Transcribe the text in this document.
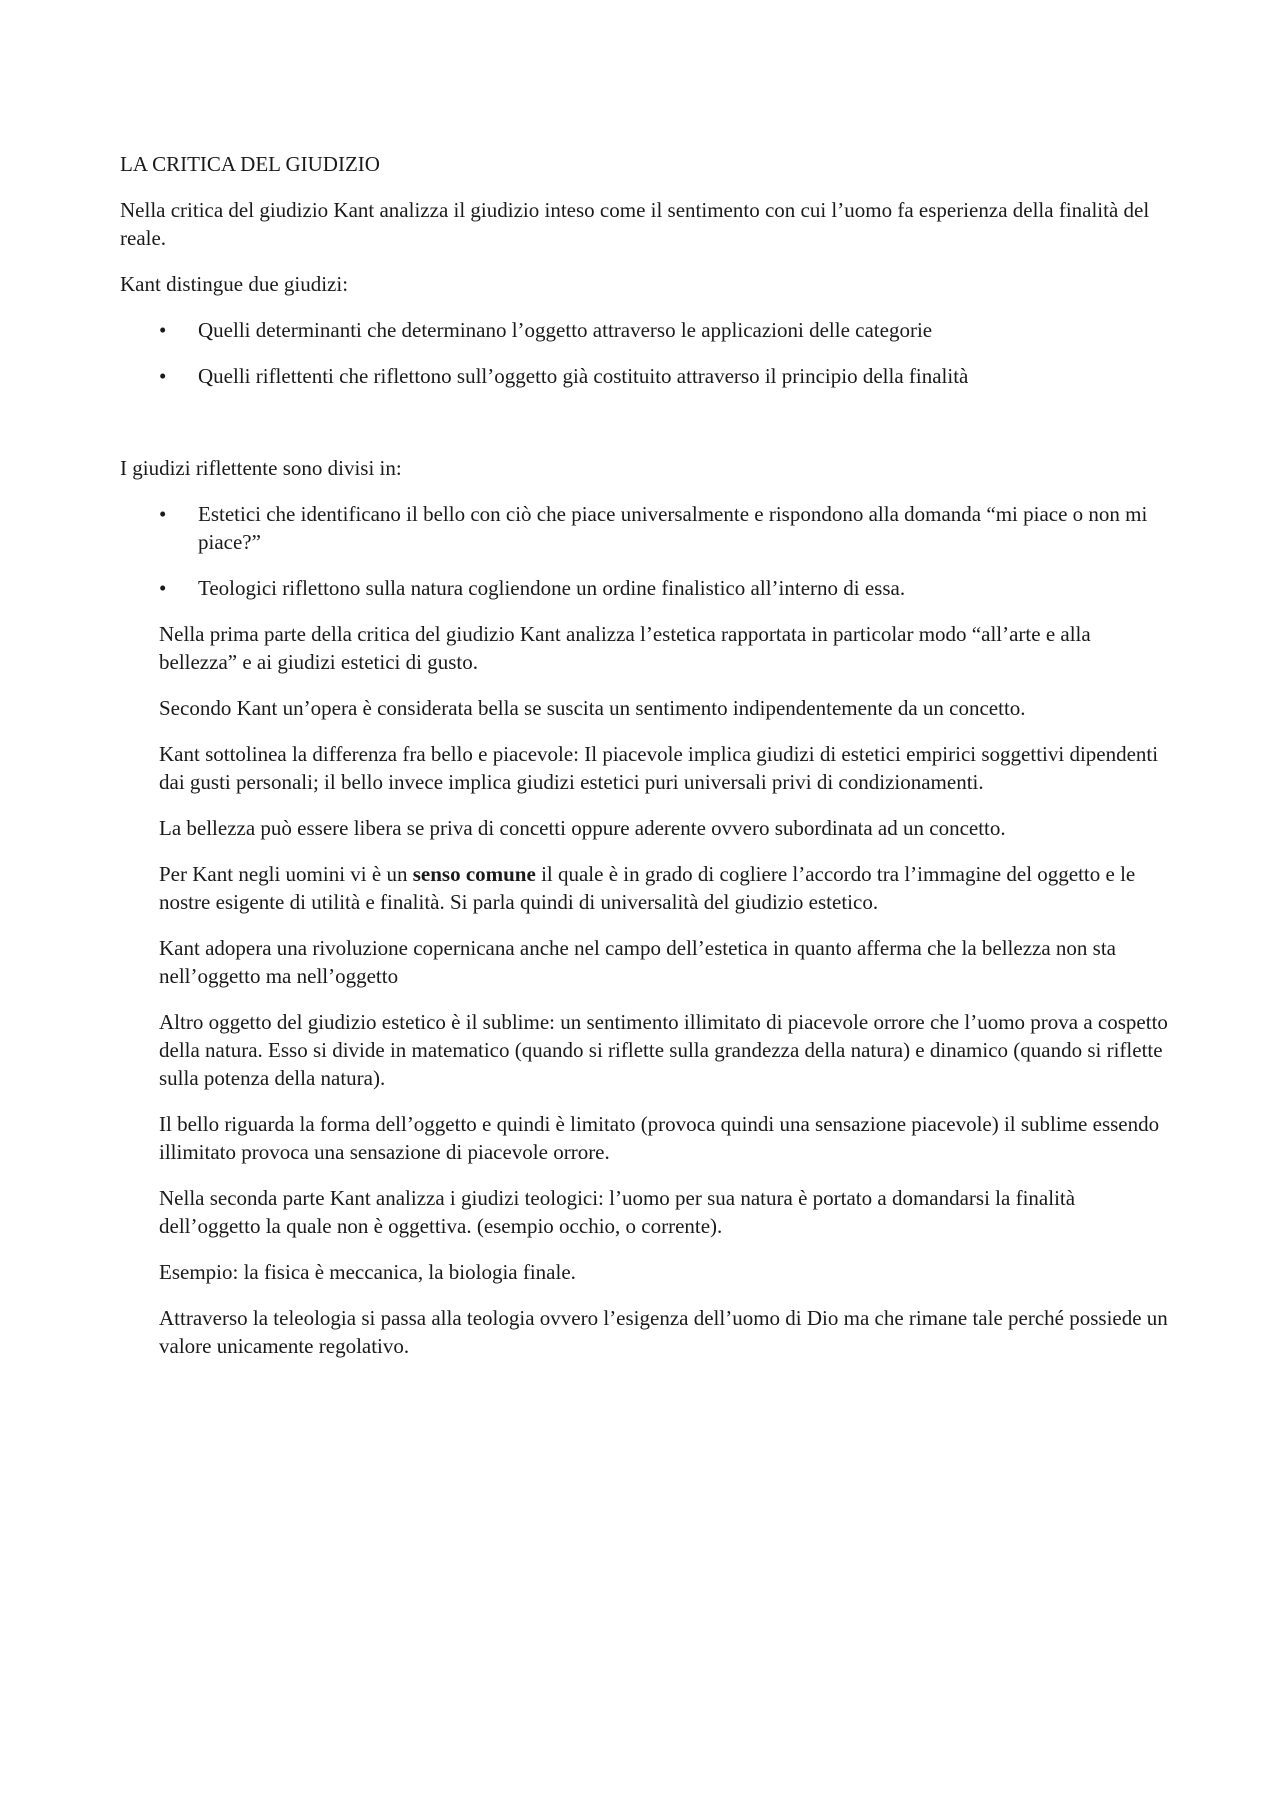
LA CRITICA DEL GIUDIZIO

Nella critica del giudizio Kant analizza il giudizio inteso come il sentimento con cui l’uomo fa esperienza della finalità del reale.

Kant distingue due giudizi:

• Quelli determinanti che determinano l’oggetto attraverso le applicazioni delle categorie
• Quelli riflettenti che riflettono sull’oggetto già costituito attraverso il principio della finalità

I giudizi riflettente sono divisi in:

• Estetici che identificano il bello con ciò che piace universalmente e rispondono alla domanda “mi piace o non mi piace?”
• Teologici riflettono sulla natura cogliendone un ordine finalistico all’interno di essa.

Nella prima parte della critica del giudizio Kant analizza l’estetica rapportata in particolar modo “all’arte e alla bellezza” e ai giudizi estetici di gusto.

Secondo Kant un’opera è considerata bella se suscita un sentimento indipendentemente da un concetto.

Kant sottolinea la differenza fra bello e piacevole: Il piacevole implica giudizi di estetici empirici soggettivi dipendenti dai gusti personali; il bello invece implica giudizi estetici puri universali privi di condizionamenti.

La bellezza può essere libera se priva di concetti oppure aderente ovvero subordinata ad un concetto.

Per Kant negli uomini vi è un senso comune il quale è in grado di cogliere l’accordo tra l’immagine del oggetto e le nostre esigente di utilità e finalità. Si parla quindi di universalità del giudizio estetico.

Kant adopera una rivoluzione copernicana anche nel campo dell’estetica in quanto afferma che la bellezza non sta nell’oggetto ma nell’oggetto

Altro oggetto del giudizio estetico è il sublime: un sentimento illimitato di piacevole orrore che l’uomo prova a cospetto della natura. Esso si divide in matematico (quando si riflette sulla grandezza della natura) e dinamico (quando si riflette sulla potenza della natura).

Il bello riguarda la forma dell’oggetto e quindi è limitato (provoca quindi una sensazione piacevole) il sublime essendo illimitato provoca una sensazione di piacevole orrore.

Nella seconda parte Kant analizza i giudizi teologici: l’uomo per sua natura è portato a domandarsi la finalità dell’oggetto la quale non è oggettiva. (esempio occhio, o corrente).

Esempio: la fisica è meccanica, la biologia finale.

Attraverso la teleologia si passa alla teologia ovvero l’esigenza dell’uomo di Dio ma che rimane tale perché possiede un valore unicamente regolativo.
